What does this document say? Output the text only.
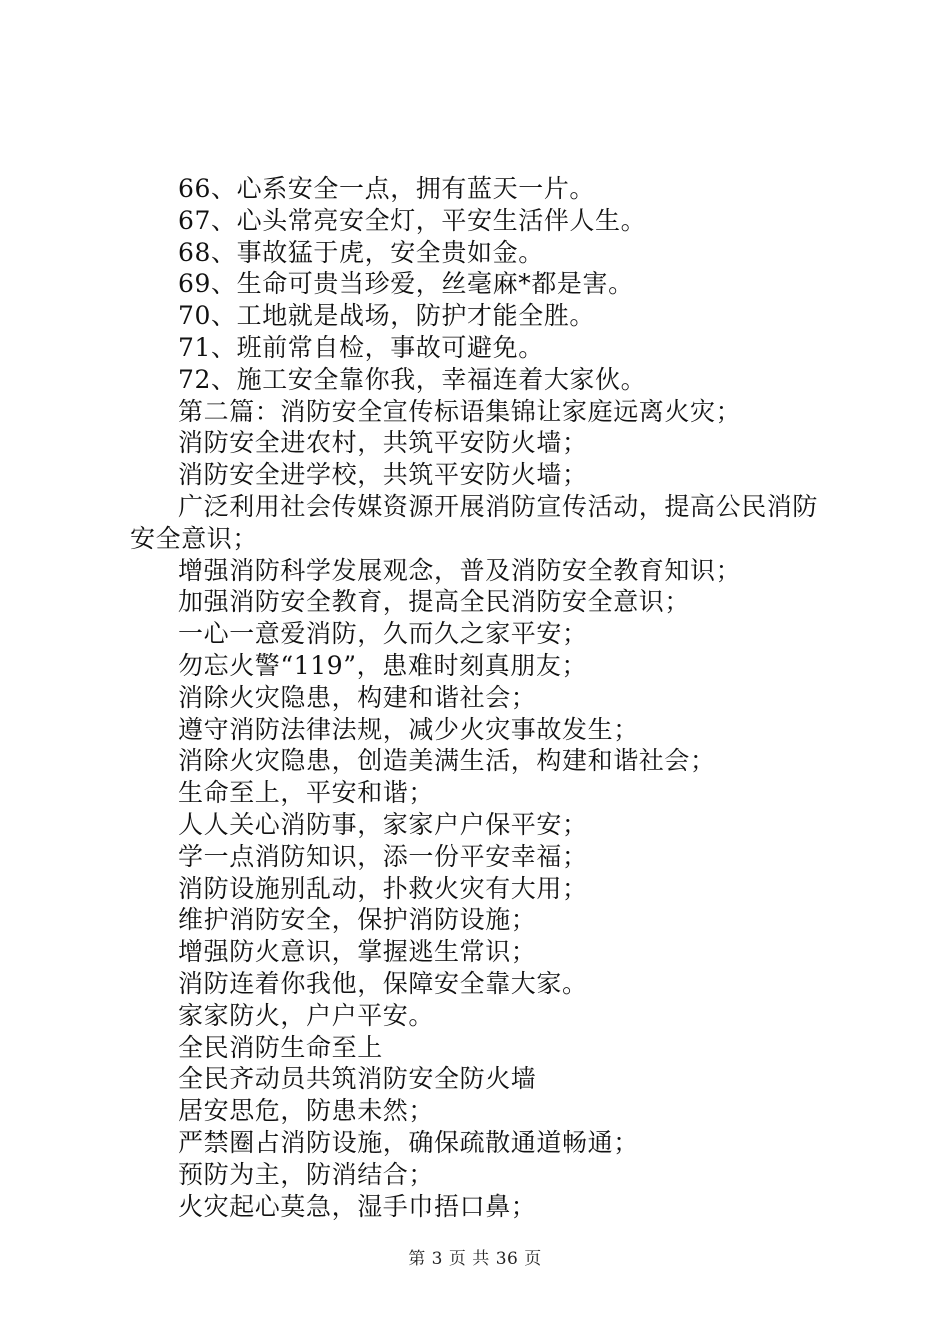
66、心系安全一点，拥有蓝天一片。
67、心头常亮安全灯，平安生活伴人生。
68、事故猛于虎，安全贵如金。
69、生命可贵当珍爱，丝毫麻*都是害。
70、工地就是战场，防护才能全胜。
71、班前常自检，事故可避免。
72、施工安全靠你我，幸福连着大家伙。
第二篇：消防安全宣传标语集锦让家庭远离火灾；
消防安全进农村，共筑平安防火墙；
消防安全进学校，共筑平安防火墙；
广泛利用社会传媒资源开展消防宣传活动，提高公民消防安全意识；
增强消防科学发展观念，普及消防安全教育知识；
加强消防安全教育，提高全民消防安全意识；
一心一意爱消防，久而久之家平安；
勿忘火警“119”，患难时刻真朋友；
消除火灾隐患，构建和谐社会；
遵守消防法律法规，减少火灾事故发生；
消除火灾隐患，创造美满生活，构建和谐社会；
生命至上，平安和谐；
人人关心消防事，家家户户保平安；
学一点消防知识，添一份平安幸福；
消防设施别乱动，扑救火灾有大用；
维护消防安全，保护消防设施；
增强防火意识，掌握逃生常识；
消防连着你我他，保障安全靠大家。
家家防火，户户平安。
全民消防生命至上
全民齐动员共筑消防安全防火墙
居安思危，防患未然；
严禁圈占消防设施，确保疏散通道畅通；
预防为主，防消结合；
火灾起心莫急，湿手巾捂口鼻；
第 3 页 共 36 页
